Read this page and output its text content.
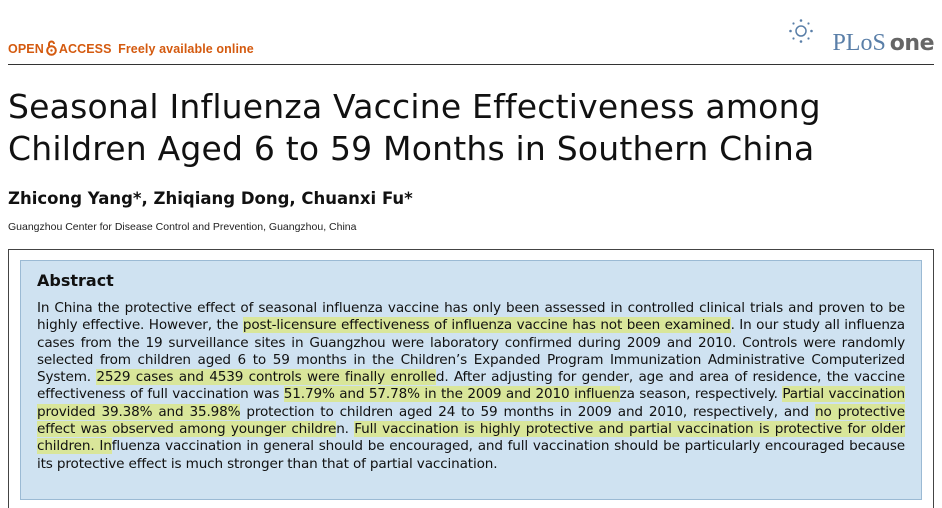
OPEN ACCESS Freely available online	PLoS one
Seasonal Influenza Vaccine Effectiveness among
Children Aged 6 to 59 Months in Southern China
Zhicong Yang*, Zhiqiang Dong, Chuanxi Fu*
Guangzhou Center for Disease Control and Prevention, Guangzhou, China
Abstract
In China the protective effect of seasonal influenza vaccine has only been assessed in controlled clinical trials and proven to be highly effective. However, the post-licensure effectiveness of influenza vaccine has not been examined. In our study all influenza cases from the 19 surveillance sites in Guangzhou were laboratory confirmed during 2009 and 2010. Controls were randomly selected from children aged 6 to 59 months in the Children’s Expanded Program Immunization Administrative Computerized System. 2529 cases and 4539 controls were finally enrolled. After adjusting for gender, age and area of residence, the vaccine effectiveness of full vaccination was 51.79% and 57.78% in the 2009 and 2010 influenza season, respectively. Partial vaccination provided 39.38% and 35.98% protection to children aged 24 to 59 months in 2009 and 2010, respectively, and no protective effect was observed among younger children. Full vaccination is highly protective and partial vaccination is protective for older children. Influenza vaccination in general should be encouraged, and full vaccination should be particularly encouraged because its protective effect is much stronger than that of partial vaccination.
